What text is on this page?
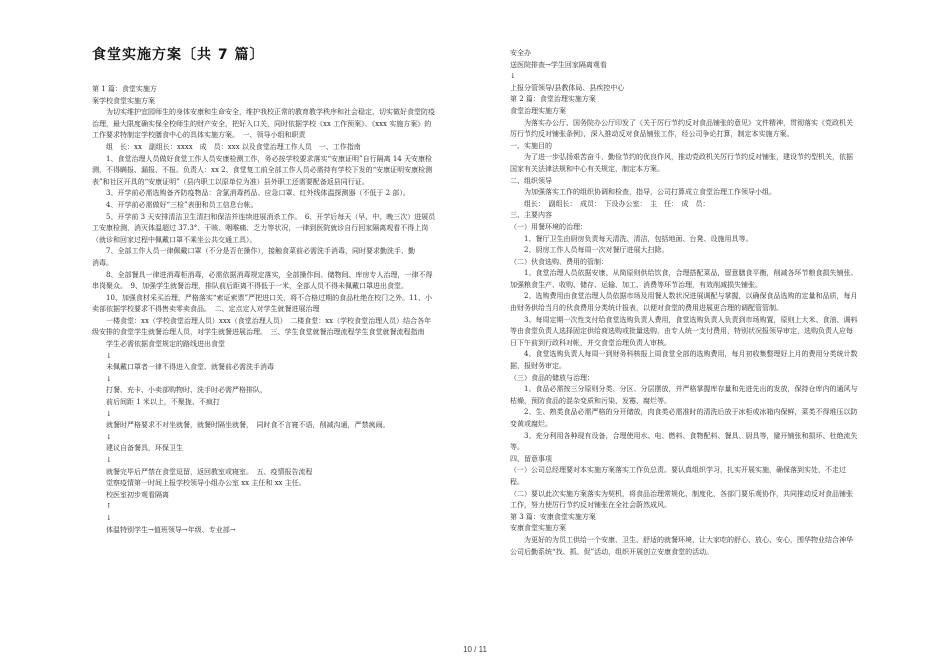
食堂实施方案〔共 7 篇〕

第 1 篇：食堂实施方

案学校食堂实施方案

　　为切实维护宜园师生的身体安康和生命安全，维护我校正常的教育教学秩序和社会稳定，切实做好食堂防疫治理，最大限度确实保全校师生的财产安全，把好入口关，同时依据学校《xx 工作预案》、《xxx 实施方案》的工作要求特制定学校膳食中心的具体实施方案。　一、领导小组和职责

　　组　长：xx　副组长：xxxx　成　员：xxx 以及食堂治理工作人员　一、工作指南

　　1、食堂治理人员做好食堂工作人员安康检测工作，务必按学校要求落实“安康证明”自行隔离 14 天安康检测，不得瞒报、漏报、不报。负责人：xx 2、食堂复工前全部工作人员必需持有学校下发的“安康证明安康检测表”和社区开具的“安康证明”（县内职工以原单位为准）县外职工还需要配备返县同行证。

　　3、开学前必需选购备齐防疫物品：含氯消毒药品、应急口罩、红外线体温探测器（不低于 2 部）。

　　4、开学前必需做好“三检”表册和员工信息台帐。

　　5、开学前 3 天安排清洁卫生清扫和保洁并连续进展消杀工作。　6、开学后每天（早、中、晚三次）进展员工安康检测，消灭体温超过 37.3°、干咳、咽喉痛、乏力等状况，一律到医院就诊自行回家隔离观看不得上岗（就诊和回家过程中佩戴口罩不乘坐公共交通工具）。

　　7、全部工作人员一律佩戴口罩（不分是否在操作），接触食菜前必需洗手消毒，同时要求勤洗手、勤

消毒。

　　8、全部餐具一律进消毒柜消毒，必需依据消毒规定落实，全部操作间、储物间、库房专人治理，一律不得串岗聚众。　9、加强学生就餐治理，排队前后距离不得低于一米，全部人员不得未佩戴口罩进出食堂。

　　10、加强食材采买治理，严格落实“索证索票”严把进口关，将不合格过期的食品杜绝在校门之外。11、小卖部依据学校要求不得售卖零卖食品。　二、定点定人对学生就餐进展治理

　　一楼食堂：xx（学校食堂治理人员）xxx（食堂治理人员）　二楼食堂：xx（学校食堂治理人员）结合各年级安排的食堂学生就餐治理人员，对学生就餐进展治理。　三、学生食堂就餐治理流程学生食堂就餐流程指南

　　学生必需依据食堂规定的路线进出食堂

　　↓

　　未佩戴口罩者一律不得进入食堂、就餐前必需洗手消毒

　　↓

　　打餐、充卡、小卖部购物时、洗手时必需严格排队，

　　前后间距 1 米以上，不聚拢、不疯打

　　↓

　　就餐时严格要求不对坐就餐，就餐时隔坐就餐，　同时食不言寝不语，削减沟通，严禁疯闹。

　　↓

　　建议自备餐具，环保卫生

　　↓

　　就餐完毕后严禁在食堂逗留，返回教室或寝室。　五、疫情报告流程

　　觉察疫情第一时间上报学校领导小组办公室 xx 主任和 xx 主任。

　　校医室初步观看隔离

　　↑

　　↓

　　体温特别学生→值班领导→年级、专业部→

安全办

送医院排查→学生回家隔离观看

↓

上报分管领导/县教体局、县疾控中心

第 2 篇：食堂治理实施方案

食堂治理实施方案

　　为落实办公厅、国务院办公厅印发了《关于厉行节约反对食品铺张的意见》文件精神，贯彻落实《党政机关厉行节约反对铺张条例》，深入推动反对食品铺张工作，经公司争论打算，制定本实施方案。

一、实施目的

　　为了进一步弘扬艰苦奋斗、勤俭节约的优良作风，推动党政机关厉行节约反对铺张，建设节约型机关，依据国家有关法律法规和中心有关规定，制定本方案。

二、组织领导

　　为加强落实工作的组织协调和检查，指导，公司打算成立食堂治理工作领导小组。

　　组长：　副组长：　成员：　下设办公室：　主　任：　成　员：

三、主要内容

（一）用餐环境的治理：

　　1、餐厅卫生由厨房负责每天清洗、清洁，包括地面、台凳、设施用具等。

　　2、厨房工作人员每周一次对餐厅进展大扫除。

（二）伙食选购、费用的管制：

　　1、食堂治理人员依据安康、从简原则供给饮食，合理搭配菜品，留意膳食平衡，削减各环节粮食损失铺张。加强粮食生产、收购、储存、运输、加工、消费等环节治理，有效削减损失铺张。

　　2、选购费用由食堂治理人员依据市场及用餐人数状况进展调配与掌握，以确保食品选购的定量和品质，每月由财务供给当月的伙食费用分类统计报表，以便对食堂的费用进展更合理的调配管管制。

　　3、每周定期一次性支付给食堂选购负责人费用，食堂选购负责人负责到市场购置，原则上大米、食油、调料等由食堂负责人选择固定供给商选购或批量选购，由专人统一支付费用，特别状况报领导审定，选购负责人应每日下午前到行政科对帐，并交食堂治理负责人审核。

　　4、食堂选购负责人每周一到财务科核报上周食堂全部的选购费用，每月初收集整理好上月的费用分类统计数据，报财务审定。

（三）食品的储放与治理：

　　1、食品必需按三分原则分类、分区、分层摆放，并严格掌握库存量和先进先出的发放，保持仓库内的通风与枯燥，预防食品的混杂变质和污染、发霉、腐烂等。

　　2、生、熟类食品必需严格的分开储放，肉食类必需准时的清洗后放于冰柜或冰箱内保鲜，菜类不得堆压以防变黄或腐烂。

　　3、充分利用各种现有设备，合理使用水、电、燃料、食物配料、餐具、厨具等，避开铺张和损坏、杜绝流失等。

四、留意事项

（一）公司总经理要对本实施方案落实工作负总责。要认真组织学习，扎实开展实施，确保落到实处，不走过程。

（二）要以此次实施方案落实为契机，将食品治理常规化、制度化，各部门要乐观协作，共同推动反对食品铺张工作，努力使厉行节约反对铺张在全社会蔚然成风。

第 3 篇：安康食堂实施方案

安康食堂实施方案

　　为更好的为员工供给一个安康、卫生、舒适的就餐环境，让大家吃的舒心、放心、安心，围华物业结合神华公司后勤系统“找、抓、促”活动，组织开展创立安康食堂的活动。

10 / 11
